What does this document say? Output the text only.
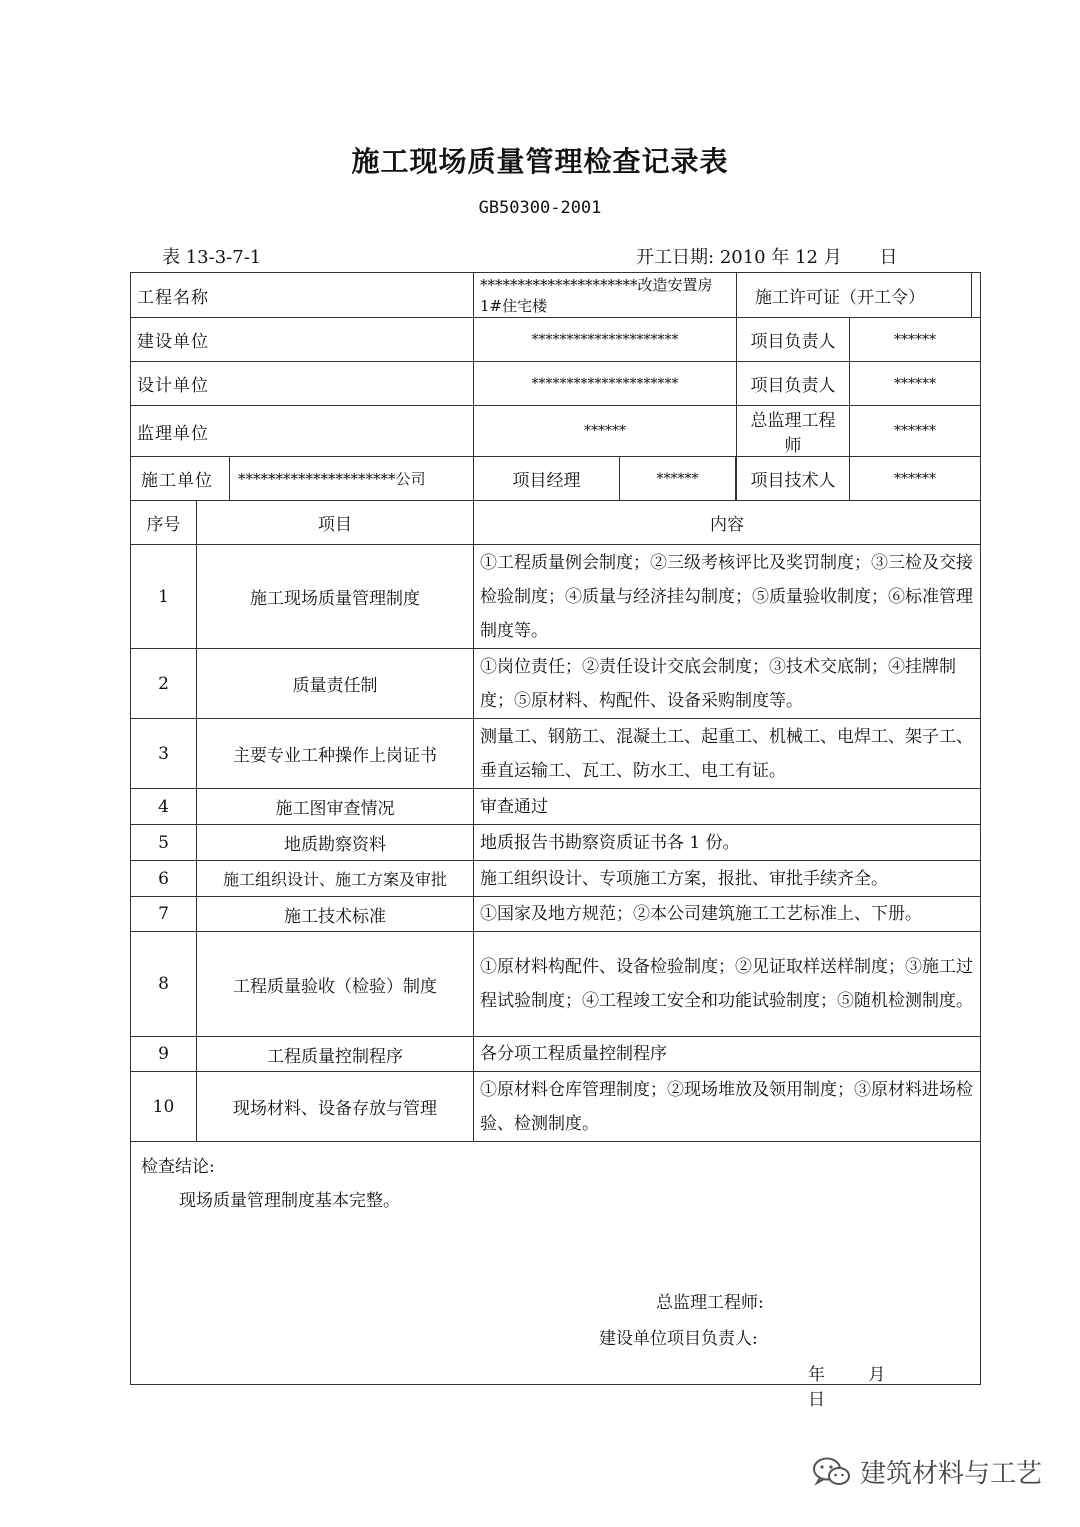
施工现场质量管理检查记录表
GB50300-2001
表 13-3-7-1	开工日期: 2010 年 12 月 日
工程名称		*********************改造安置房 1#住宅楼		施工许可证（开工令）	

建设单位		*********************		项目负责人	******
设计单位		*********************		项目负责人	******
监理单位		******		总监理工程师	******

施工单位 *********************公司		项目经理	******	项目技术人	******
序号	项目	内容			
1	施工现场质量管理制度	①工程质量例会制度；②三级考核评比及奖罚制度；③三检及交接检验制度；④质量与经济挂勾制度；⑤质量验收制度；⑥标准管理制度等。			
2	质量责任制	①岗位责任；②责任设计交底会制度；③技术交底制；④挂牌制度；⑤原材料、构配件、设备采购制度等。			
3	主要专业工种操作上岗证书	测量工、钢筋工、混凝土工、起重工、机械工、电焊工、架子工、垂直运输工、瓦工、防水工、电工有证。			
4	施工图审查情况	审查通过			
5	地质勘察资料	地质报告书勘察资质证书各 1 份。			
6	施工组织设计、施工方案及审批	施工组织设计、专项施工方案，报批、审批手续齐全。			
7	施工技术标准	①国家及地方规范；②本公司建筑施工工艺标准上、下册。			
8	工程质量验收（检验）制度	①原材料构配件、设备检验制度；②见证取样送样制度；③施工过程试验制度；④工程竣工安全和功能试验制度；⑤随机检测制度。			
9	工程质量控制程序	各分项工程质量控制程序			
10	现场材料、设备存放与管理	①原材料仓库管理制度；②现场堆放及领用制度；③原材料进场检验、检测制度。			

检查结论:
现场质量管理制度基本完整。
总监理工程师:
建设单位项目负责人:
年 月 日					
建筑材料与工艺
